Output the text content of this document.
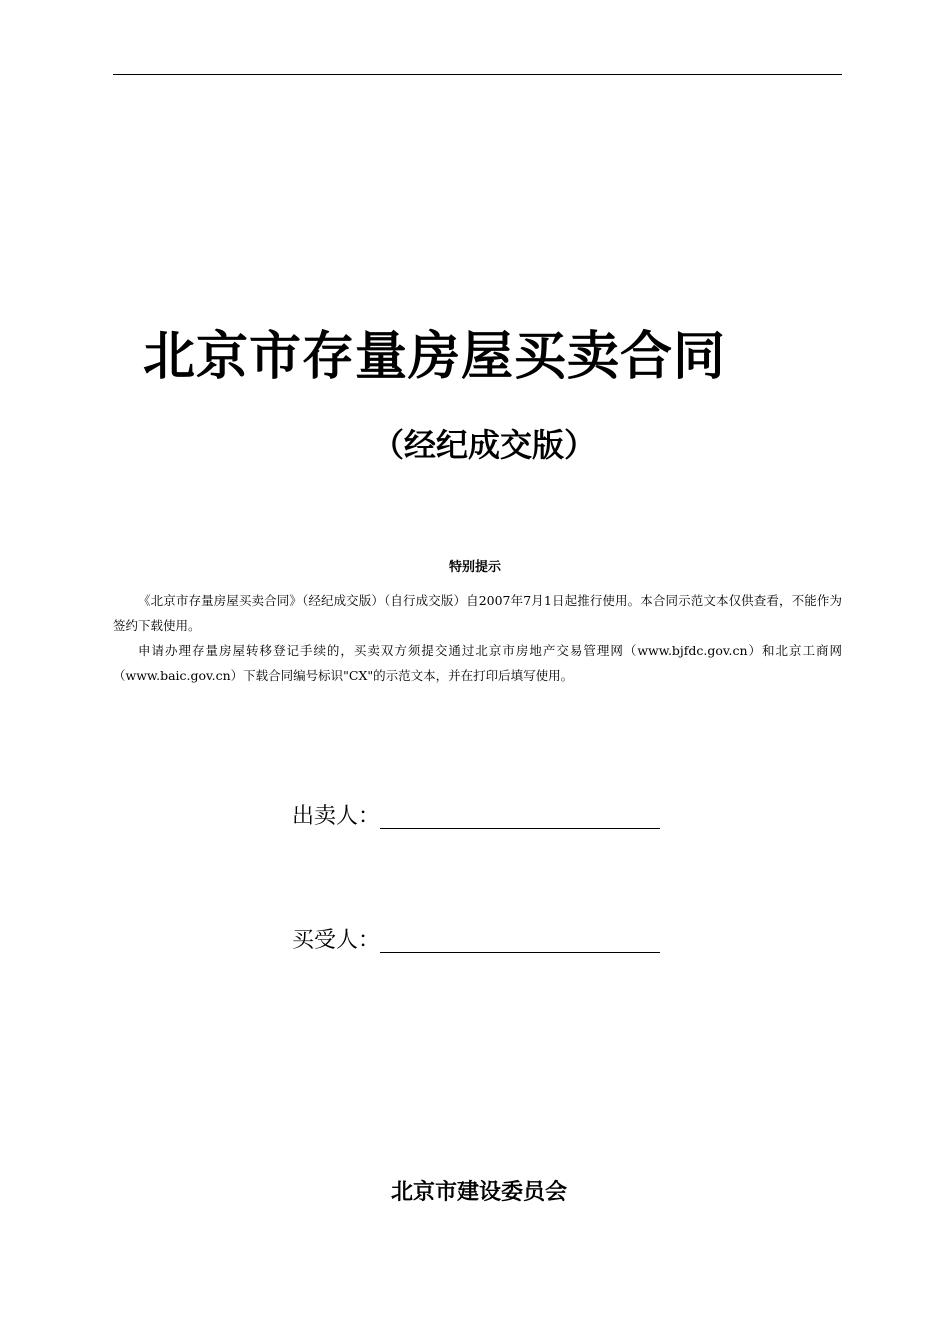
北京市存量房屋买卖合同
（经纪成交版）
特别提示

《北京市存量房屋买卖合同》（经纪成交版）（自行成交版）自2007年7月1日起推行使用。本合同示范文本仅供查看，不能作为签约下载使用。

申请办理存量房屋转移登记手续的，买卖双方须提交通过北京市房地产交易管理网（www.bjfdc.gov.cn）和北京工商网（www.baic.gov.cn）下载合同编号标识"CX"的示范文本，并在打印后填写使用。

出卖人：
买受人：
北京市建设委员会
